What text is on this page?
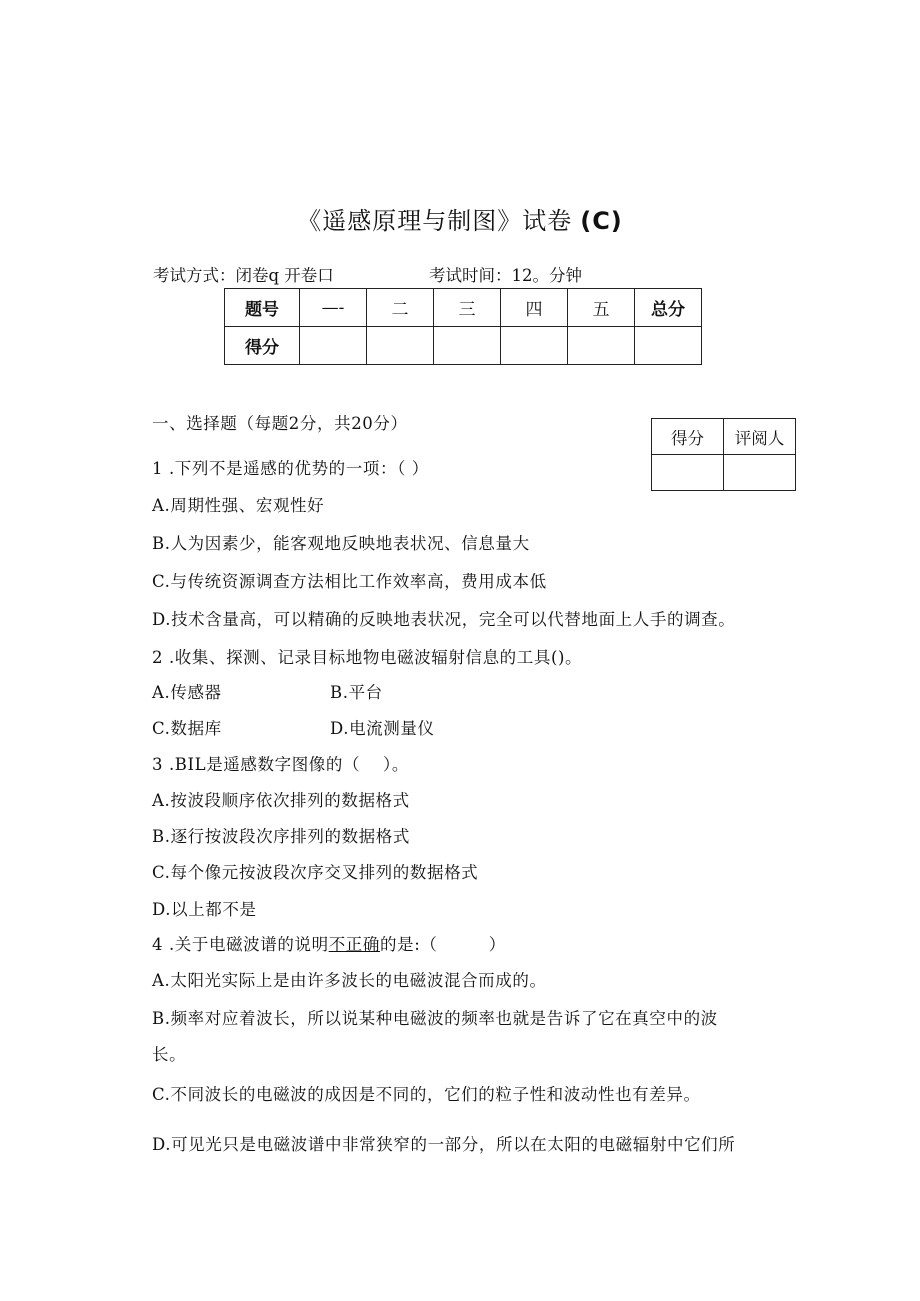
《遥感原理与制图》试卷 (C)
考试方式：闭卷q 开卷口	考试时间：12。分钟
题号	—-	二	三	四	五	总分
得分						
一、选择题（每题2分，共20分）
得分	评阅人

1 .下列不是遥感的优势的一项：（ ）
A.周期性强、宏观性好
B.人为因素少，能客观地反映地表状况、信息量大
C.与传统资源调查方法相比工作效率高，费用成本低
D.技术含量高，可以精确的反映地表状况，完全可以代替地面上人手的调查。
2 .收集、探测、记录目标地物电磁波辐射信息的工具()。
A.传感器	B.平台
C.数据库	D.电流测量仪
3 .BIL是遥感数字图像的（　 ）。
A.按波段顺序依次排列的数据格式
B.逐行按波段次序排列的数据格式
C.每个像元按波段次序交叉排列的数据格式
D.以上都不是
4 .关于电磁波谱的说明不正确的是:（　　　）
A.太阳光实际上是由许多波长的电磁波混合而成的。
B.频率对应着波长，所以说某种电磁波的频率也就是告诉了它在真空中的波
长。
C.不同波长的电磁波的成因是不同的，它们的粒子性和波动性也有差异。
D.可见光只是电磁波谱中非常狭窄的一部分，所以在太阳的电磁辐射中它们所
